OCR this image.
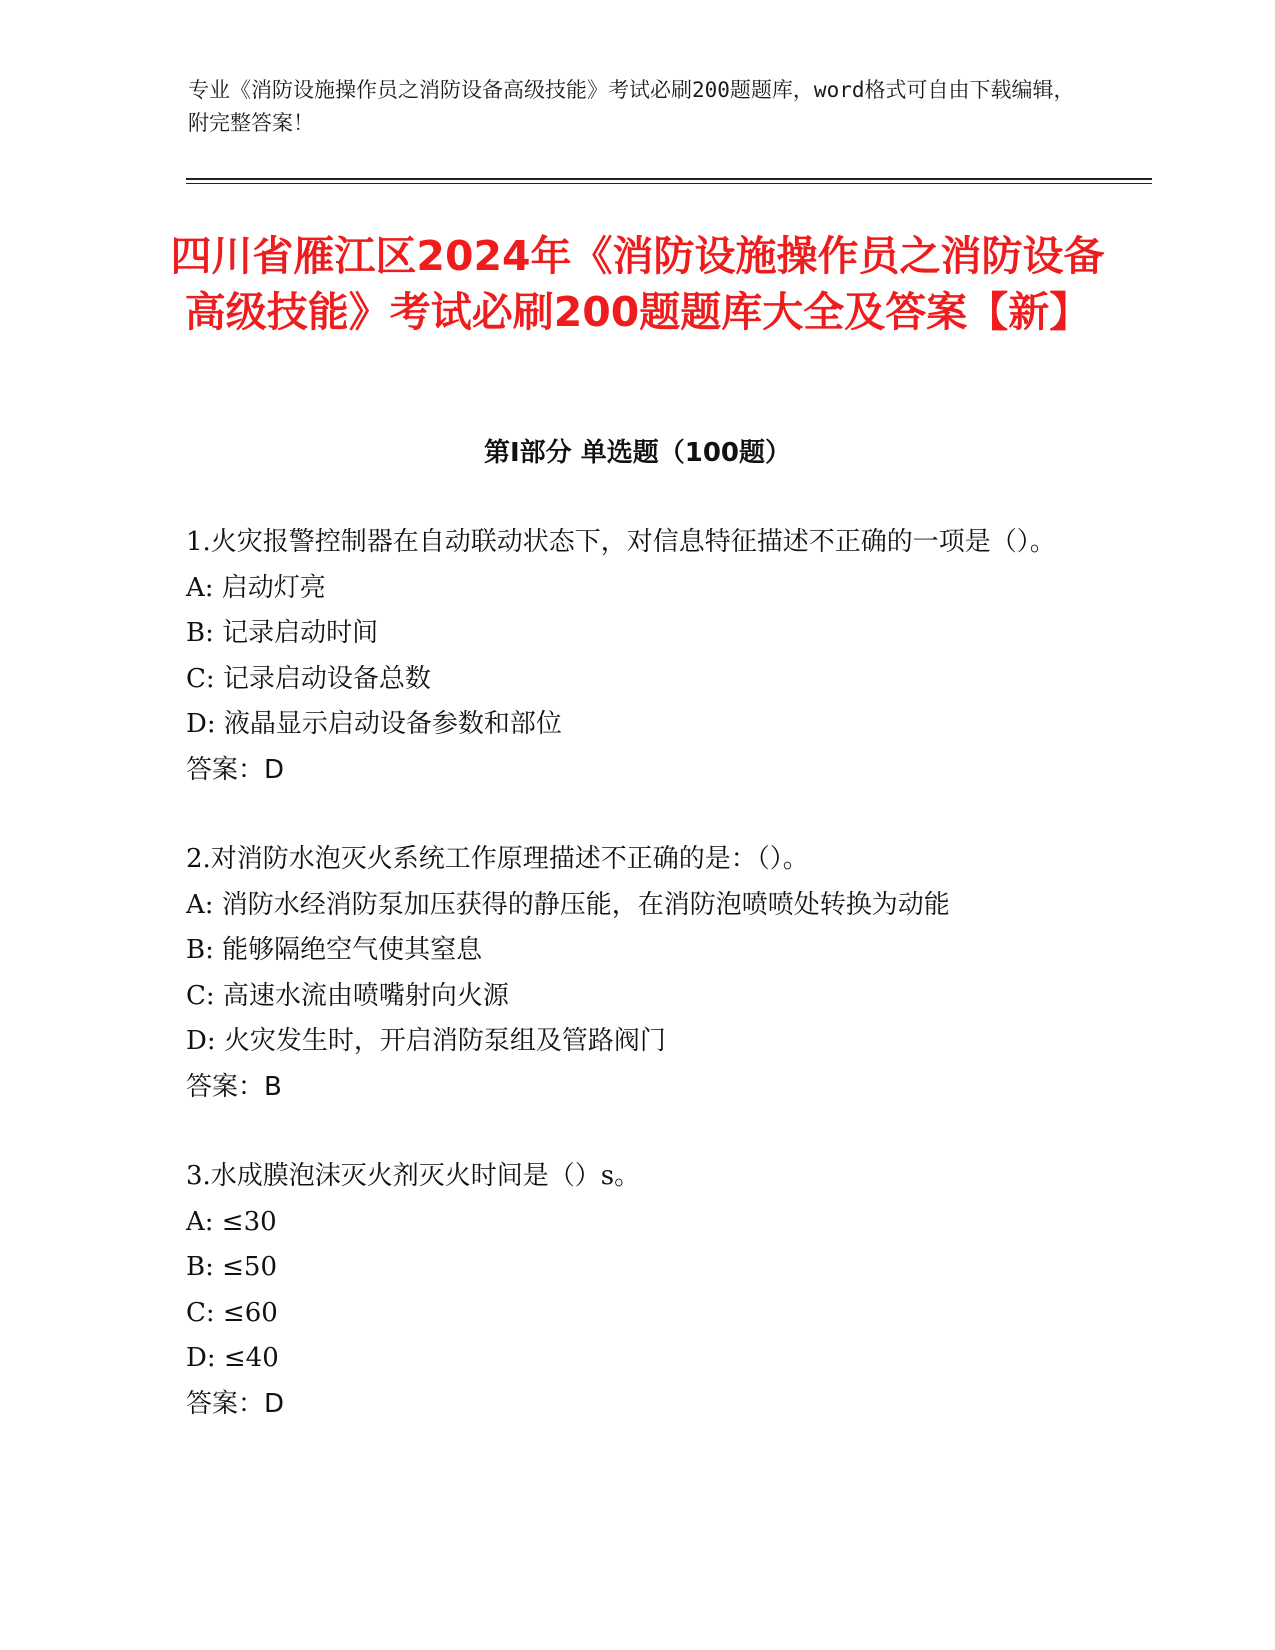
专业《消防设施操作员之消防设备高级技能》考试必刷200题题库，word格式可自由下载编辑，附完整答案！

四川省雁江区2024年《消防设施操作员之消防设备高级技能》考试必刷200题题库大全及答案【新】
第Ⅰ部分 单选题（100题）

1.火灾报警控制器在自动联动状态下，对信息特征描述不正确的一项是（）。

A: 启动灯亮

B: 记录启动时间

C: 记录启动设备总数

D: 液晶显示启动设备参数和部位

答案：D

2.对消防水泡灭火系统工作原理描述不正确的是：（）。

A: 消防水经消防泵加压获得的静压能，在消防泡喷喷处转换为动能

B: 能够隔绝空气使其窒息

C: 高速水流由喷嘴射向火源

D: 火灾发生时，开启消防泵组及管路阀门

答案：B

3.水成膜泡沫灭火剂灭火时间是（）s。

A: ≤30

B: ≤50

C: ≤60

D: ≤40

答案：D
